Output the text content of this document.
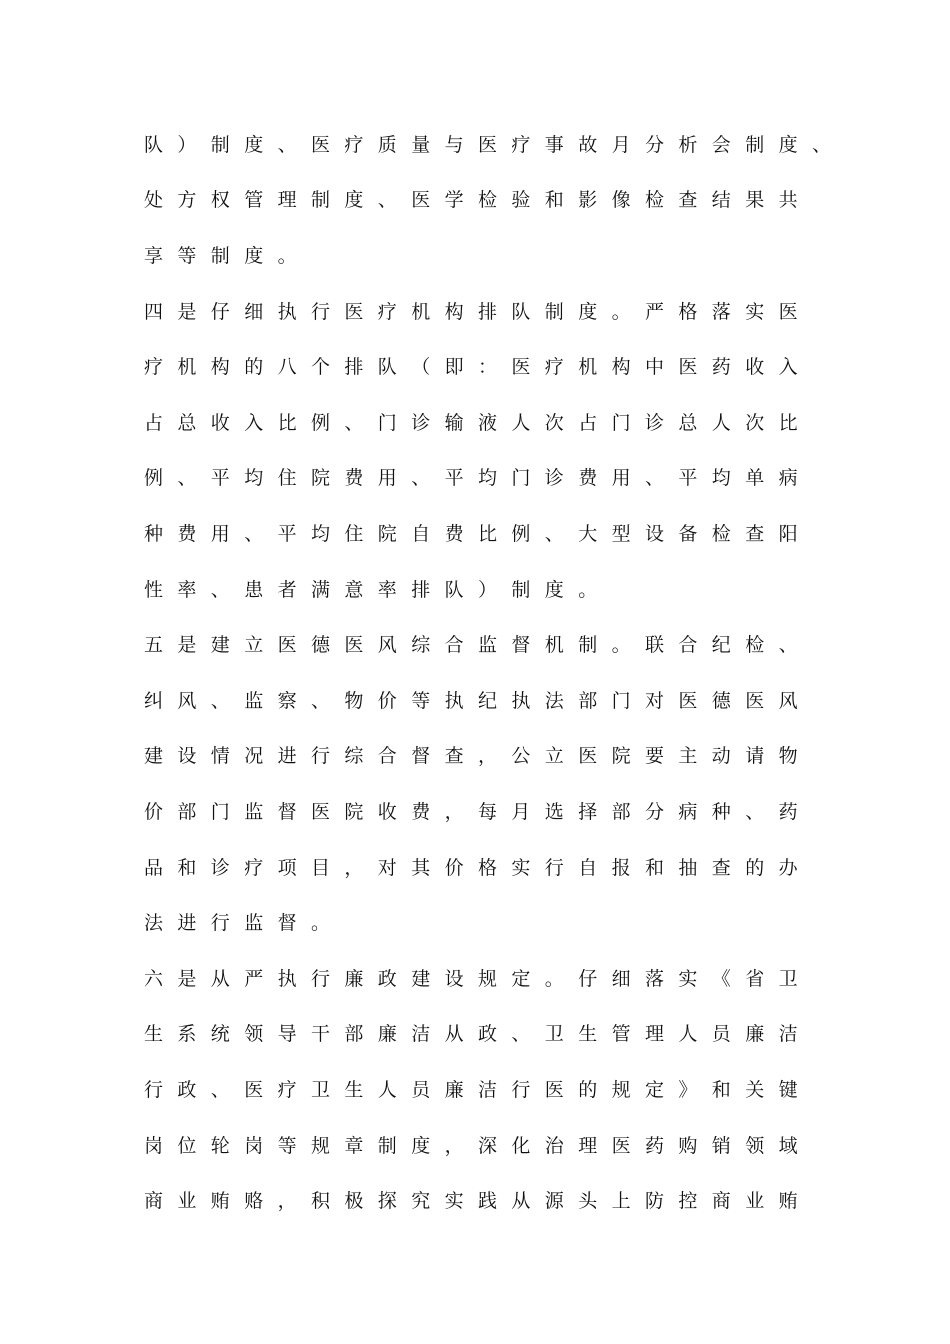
队）制度、医疗质量与医疗事故月分析会制度、
处方权管理制度、医学检验和影像检查结果共
享等制度。
四是仔细执行医疗机构排队制度。严格落实医
疗机构的八个排队（即：医疗机构中医药收入
占总收入比例、门诊输液人次占门诊总人次比
例、平均住院费用、平均门诊费用、平均单病
种费用、平均住院自费比例、大型设备检查阳
性率、患者满意率排队）制度。
五是建立医德医风综合监督机制。联合纪检、
纠风、监察、物价等执纪执法部门对医德医风
建设情况进行综合督查，公立医院要主动请物
价部门监督医院收费，每月选择部分病种、药
品和诊疗项目，对其价格实行自报和抽查的办
法进行监督。
六是从严执行廉政建设规定。仔细落实《省卫
生系统领导干部廉洁从政、卫生管理人员廉洁
行政、医疗卫生人员廉洁行医的规定》和关键
岗位轮岗等规章制度，深化治理医药购销领域
商业贿赂，积极探究实践从源头上防控商业贿
